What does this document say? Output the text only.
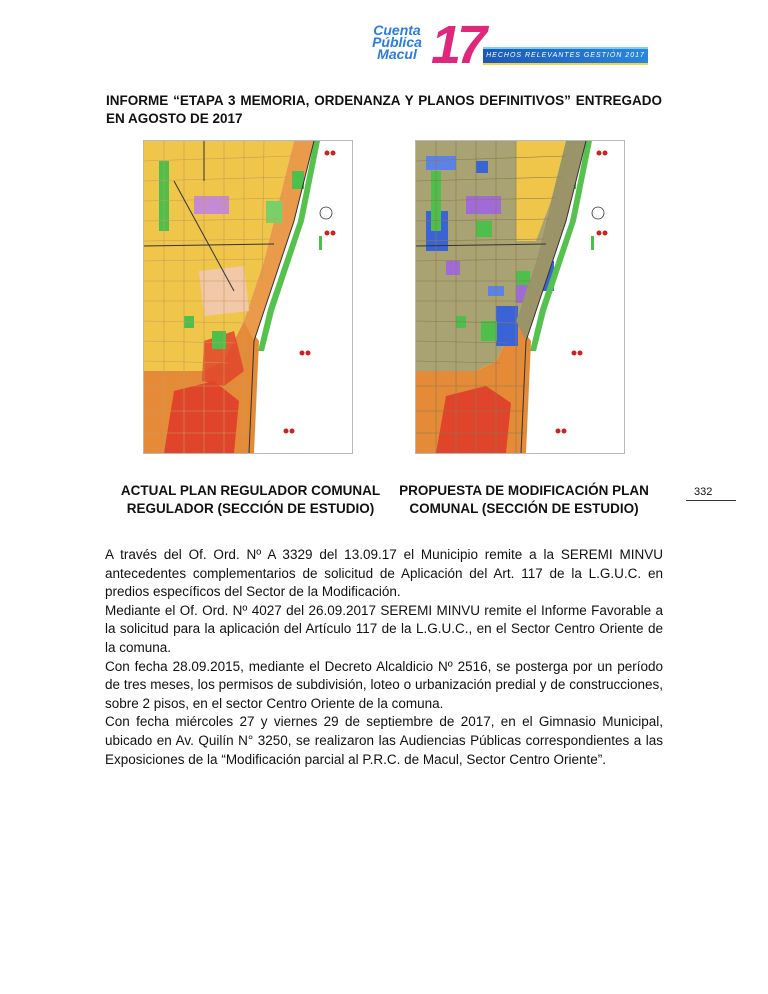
Cuenta
Pública
Macul 17 HECHOS RELEVANTES GESTIÓN 2017
INFORME “ETAPA 3 MEMORIA, ORDENANZA Y PLANOS DEFINITIVOS” ENTREGADO EN AGOSTO DE 2017
ACTUAL PLAN REGULADOR COMUNAL REGULADOR (SECCIÓN DE ESTUDIO)
PROPUESTA DE MODIFICACIÓN PLAN COMUNAL (SECCIÓN DE ESTUDIO)
332

A través del Of. Ord. Nº A 3329 del 13.09.17 el Municipio remite a la SEREMI MINVU antecedentes complementarios de solicitud de Aplicación del Art. 117 de la L.G.U.C. en predios específicos del Sector de la Modificación.

Mediante el Of. Ord. Nº 4027 del 26.09.2017 SEREMI MINVU remite el Informe Favorable a la solicitud para la aplicación del Artículo 117 de la L.G.U.C., en el Sector Centro Oriente de la comuna.

Con fecha 28.09.2015, mediante el Decreto Alcaldicio Nº 2516, se posterga por un período de tres meses, los permisos de subdivisión, loteo o urbanización predial y de construcciones, sobre 2 pisos, en el sector Centro Oriente de la comuna.

Con fecha miércoles 27 y viernes 29 de septiembre de 2017, en el Gimnasio Municipal, ubicado en Av. Quilín N° 3250, se realizaron las Audiencias Públicas correspondientes a las Exposiciones de la “Modificación parcial al P.R.C. de Macul, Sector Centro Oriente”.
